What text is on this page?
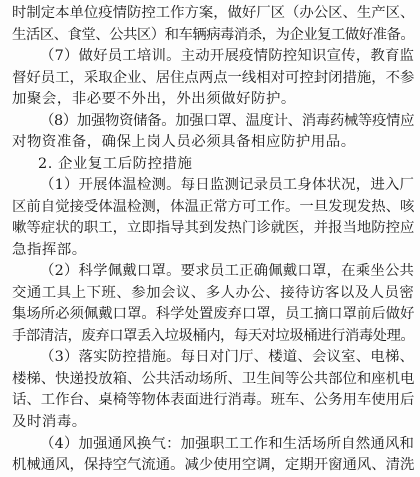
时制定本单位疫情防控工作方案，做好厂区（办公区、生产区、
生活区、食堂、公共区）和车辆病毒消杀，为企业复工做好准备。
（7）做好员工培训。主动开展疫情防控知识宣传，教育监
督好员工，采取企业、居住点两点一线相对可控封闭措施，不参
加聚会，非必要不外出，外出须做好防护。
（8）加强物资储备。加强口罩、温度计、消毒药械等疫情应
对物资准备，确保上岗人员必须具备相应防护用品。
2. 企业复工后防控措施
（1）开展体温检测。每日监测记录员工身体状况，进入厂
区前自觉接受体温检测，体温正常方可工作。一旦发现发热、咳
嗽等症状的职工，立即指导其到发热门诊就医，并报当地防控应
急指挥部。
（2）科学佩戴口罩。要求员工正确佩戴口罩，在乘坐公共
交通工具上下班、参加会议、多人办公、接待访客以及人员密
集场所必须佩戴口罩。科学处置废弃口罩，员工摘口罩前后做好
手部清洁，废弃口罩丢入垃圾桶内，每天对垃圾桶进行消毒处理。
（3）落实防控措施。每日对门厅、楼道、会议室、电梯、
楼梯、快递投放箱、公共活动场所、卫生间等公共部位和座机电
话、工作台、桌椅等物体表面进行消毒。班车、公务用车使用后
及时消毒。
（4）加强通风换气：加强职工工作和生活场所自然通风和
机械通风，保持空气流通。减少使用空调，定期开窗通风、清洗
